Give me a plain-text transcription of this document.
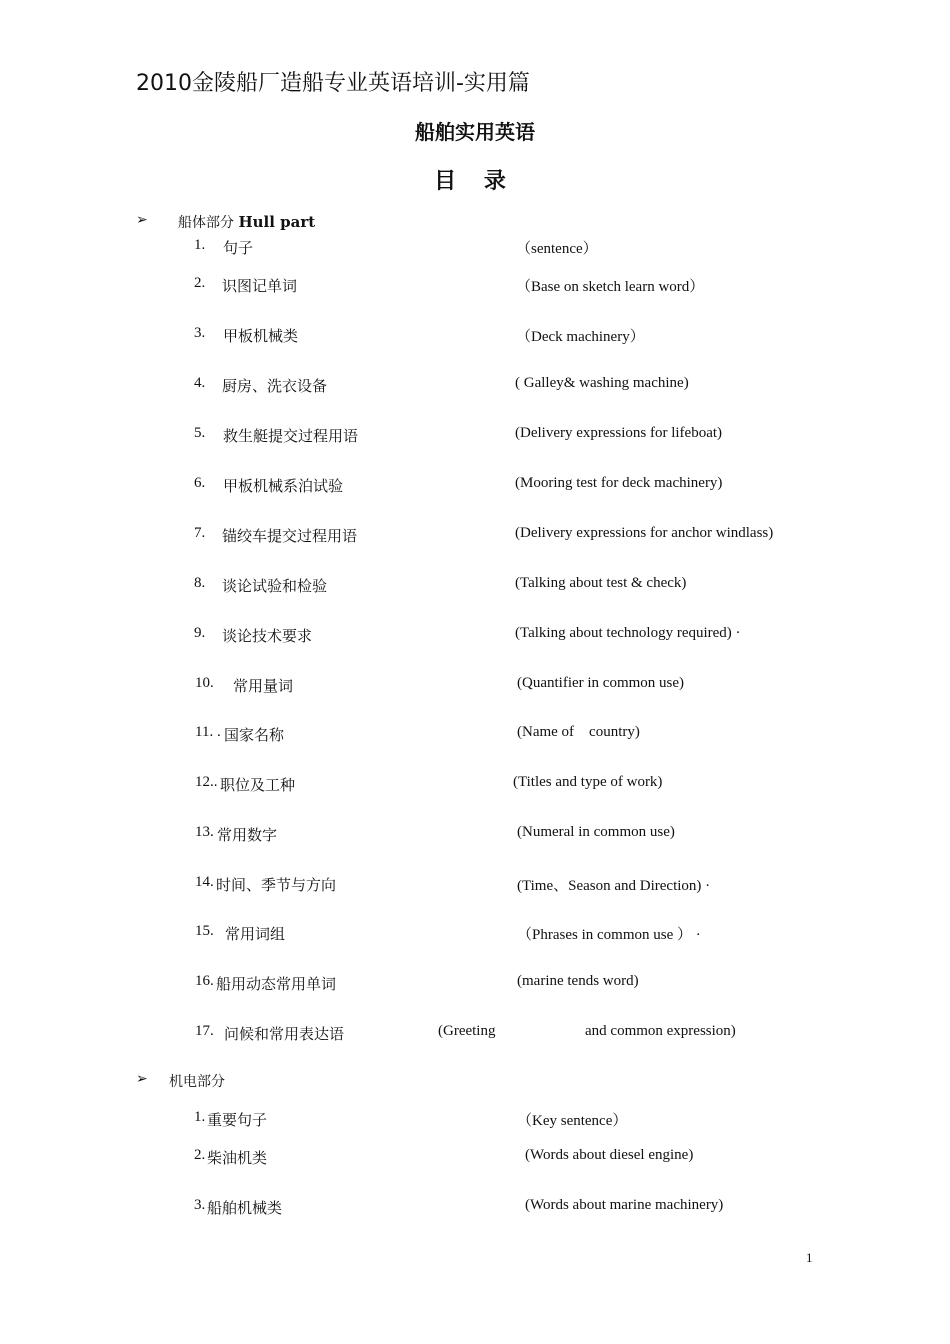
2010金陵船厂造船专业英语培训-实用篇
船舶实用英语
目 录
➢ 船体部分 Hull part
1. 句子	（sentence）
2. 识图记单词	（Base on sketch learn word）
3. 甲板机械类	（Deck machinery）
4. 厨房、洗衣设备	( Galley& washing machine)
5. 救生艇提交过程用语	(Delivery expressions for lifeboat)
6. 甲板机械系泊试验	(Mooring test for deck machinery)
7. 锚绞车提交过程用语	(Delivery expressions for anchor windlass)
8. 谈论试验和检验	(Talking about test & check)
9. 谈论技术要求	(Talking about technology required) ·
10. 常用量词	(Quantifier in common use)
11. . 国家名称	(Name of    country)
12.. 职位及工种	(Titles and type of work)
13. 常用数字	(Numeral in common use)
14. 时间、季节与方向	(Time、Season and Direction) ·
15. 常用词组	（Phrases in common use ） ·
16. 船用动态常用单词	(marine tends word)
17. 问候和常用表达语	(Greeting	and common expression)
➢ 机电部分
1. 重要句子	（Key sentence）
2. 柴油机类	(Words about diesel engine)
3. 船舶机械类	(Words about marine machinery)
1
